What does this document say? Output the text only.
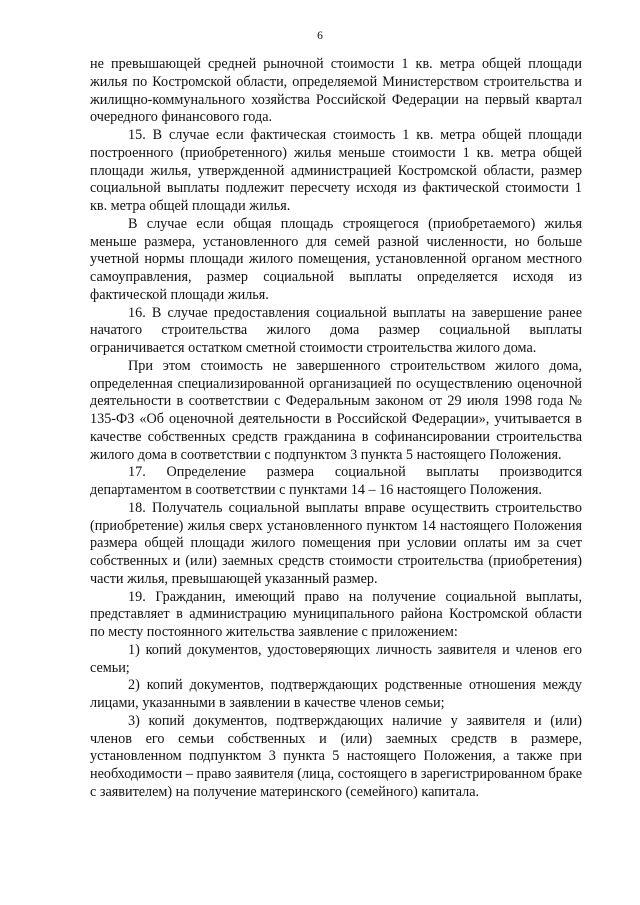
6

не превышающей средней рыночной стоимости 1 кв. метра общей площади жилья по Костромской области, определяемой Министерством строительства и жилищно-коммунального хозяйства Российской Федерации на первый квартал очередного финансового года.

15. В случае если фактическая стоимость 1 кв. метра общей площади построенного (приобретенного) жилья меньше стоимости 1 кв. метра общей площади жилья, утвержденной администрацией Костромской области, размер социальной выплаты подлежит пересчету исходя из фактической стоимости 1 кв. метра общей площади жилья.

В случае если общая площадь строящегося (приобретаемого) жилья меньше размера, установленного для семей разной численности, но больше учетной нормы площади жилого помещения, установленной органом местного самоуправления, размер социальной выплаты определяется исходя из фактической площади жилья.

16. В случае предоставления социальной выплаты на завершение ранее начатого строительства жилого дома размер социальной выплаты ограничивается остатком сметной стоимости строительства жилого дома.

При этом стоимость не завершенного строительством жилого дома, определенная специализированной организацией по осуществлению оценочной деятельности в соответствии с Федеральным законом от 29 июля 1998 года № 135-ФЗ «Об оценочной деятельности в Российской Федерации», учитывается в качестве собственных средств гражданина в софинансировании строительства жилого дома в соответствии с подпунктом 3 пункта 5 настоящего Положения.

17. Определение размера социальной выплаты производится департаментом в соответствии с пунктами 14 – 16 настоящего Положения.

18. Получатель социальной выплаты вправе осуществить строительство (приобретение) жилья сверх установленного пунктом 14 настоящего Положения размера общей площади жилого помещения при условии оплаты им за счет собственных и (или) заемных средств стоимости строительства (приобретения) части жилья, превышающей указанный размер.

19. Гражданин, имеющий право на получение социальной выплаты, представляет в администрацию муниципального района Костромской области по месту постоянного жительства заявление с приложением:

1) копий документов, удостоверяющих личность заявителя и членов его семьи;

2) копий документов, подтверждающих родственные отношения между лицами, указанными в заявлении в качестве членов семьи;

3) копий документов, подтверждающих наличие у заявителя и (или) членов его семьи собственных и (или) заемных средств в размере, установленном подпунктом 3 пункта 5 настоящего Положения, а также при необходимости – право заявителя (лица, состоящего в зарегистрированном браке с заявителем) на получение материнского (семейного) капитала.
